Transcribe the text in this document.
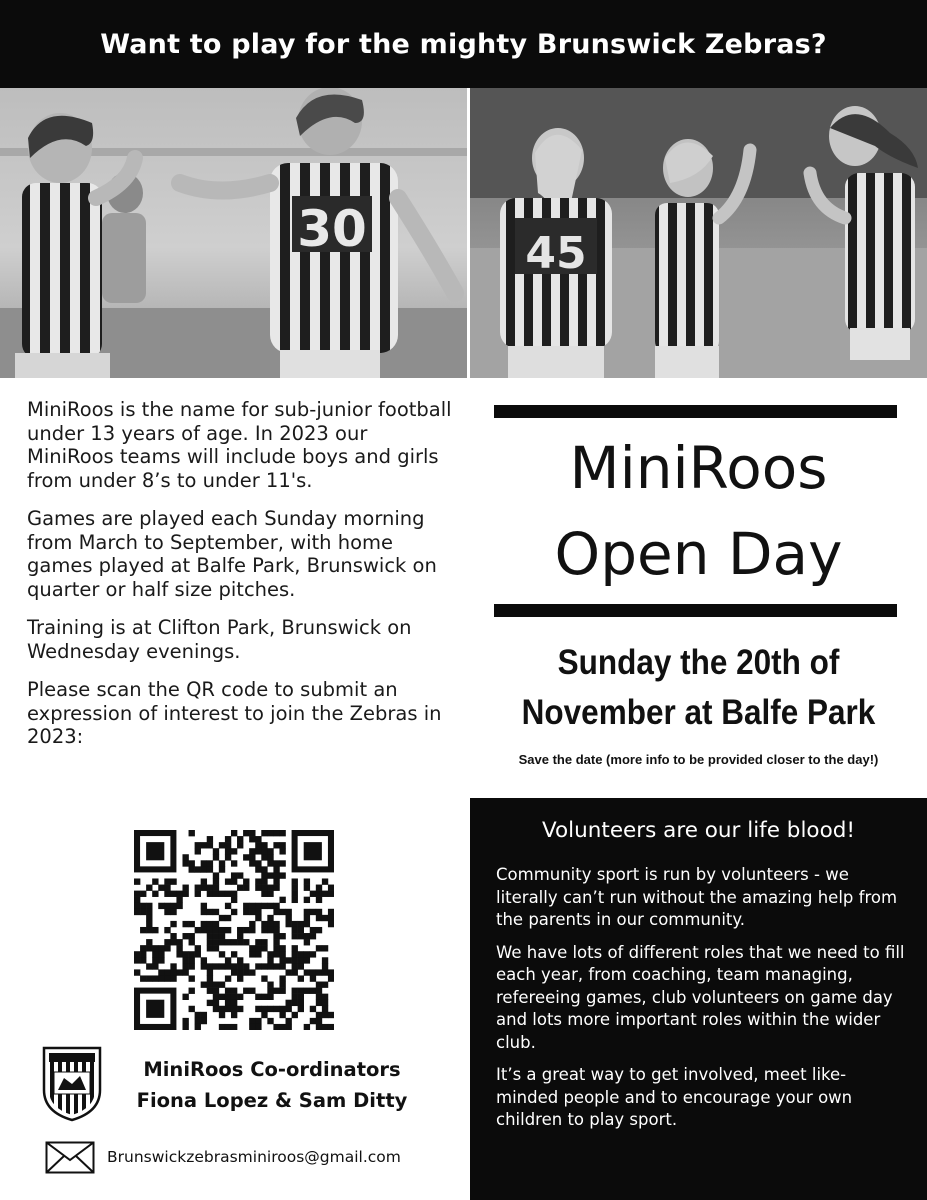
Want to play for the mighty Brunswick Zebras?
30	45

MiniRoos is the name for sub-junior football under 13 years of age. In 2023 our MiniRoos teams will include boys and girls from under 8’s to under 11's.

Games are played each Sunday morning from March to September, with home games played at Balfe Park, Brunswick on quarter or half size pitches.

Training is at Clifton Park, Brunswick on Wednesday evenings.

Please scan the QR code to submit an expression of interest to join the Zebras in 2023:

MiniRoos Co-ordinators
Fiona Lopez & Sam Ditty
Brunswickzebrasminiroos@gmail.com
MiniRoos
Open Day
Sunday the 20th of
November at Balfe Park
Save the date (more info to be provided closer to the day!)
Volunteers are our life blood!

Community sport is run by volunteers - we literally can’t run without the amazing help from the parents in our community.

We have lots of different roles that we need to fill each year, from coaching, team managing, refereeing games, club volunteers on game day and lots more important roles within the wider club.

It’s a great way to get involved, meet like-minded people and to encourage your own children to play sport.
